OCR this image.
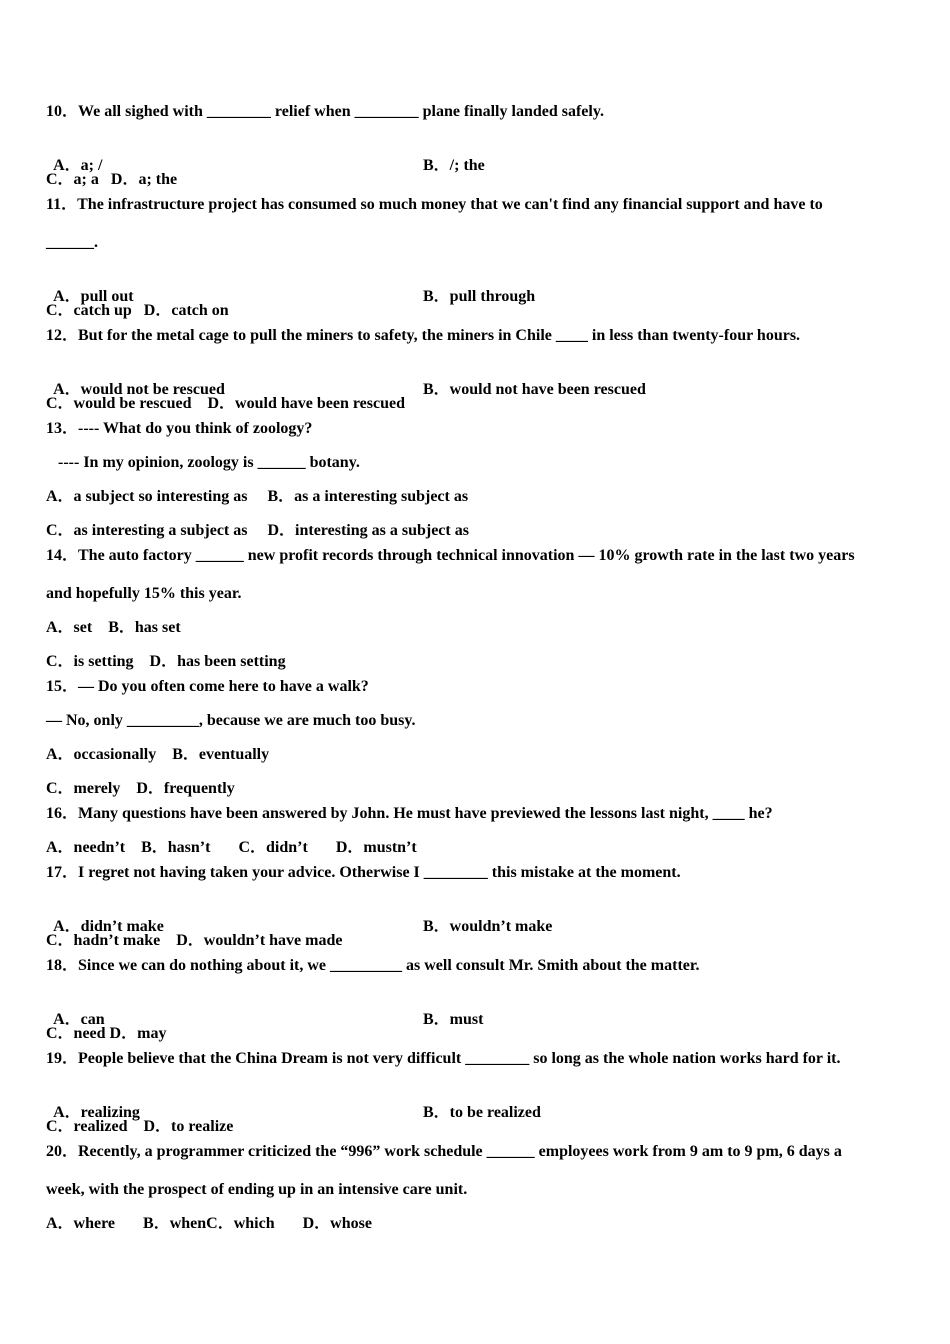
10．We all sighed with ________ relief when ________ plane finally landed safely.

A．a; /	B．/; the

C．a; a   D．a; the
11．The infrastructure project has consumed so much money that we can't find any financial support and have to
______.

A．pull out	B．pull through

C．catch up   D．catch on
12．But for the metal cage to pull the miners to safety, the miners in Chile ____ in less than twenty-four hours.

A．would not be rescued	B．would not have been rescued

C．would be rescued    D．would have been rescued
13．---- What do you think of zoology?
---- In my opinion, zoology is ______ botany.
A．a subject so interesting as     B．as a interesting subject as
C．as interesting a subject as     D．interesting as a subject as
14．The auto factory ______ new profit records through technical innovation — 10% growth rate in the last two years
and hopefully 15% this year.
A．set    B．has set
C．is setting    D．has been setting
15．— Do you often come here to have a walk?
— No, only _________, because we are much too busy.
A．occasionally    B．eventually
C．merely    D．frequently
16．Many questions have been answered by John. He must have previewed the lessons last night, ____ he?
A．needn’t    B．hasn’t       C．didn’t       D．mustn’t
17．I regret not having taken your advice. Otherwise I ________ this mistake at the moment.

A．didn’t make	B．wouldn’t make

C．hadn’t make    D．wouldn’t have made
18．Since we can do nothing about it, we _________ as well consult Mr. Smith about the matter.

A．can	B．must

C．need D．may
19．People believe that the China Dream is not very difficult ________ so long as the whole nation works hard for it.

A．realizing	B．to be realized

C．realized    D．to realize
20．Recently, a programmer criticized the “996” work schedule ______ employees work from 9 am to 9 pm, 6 days a
week, with the prospect of ending up in an intensive care unit.
A．where       B．whenC．which       D．whose
